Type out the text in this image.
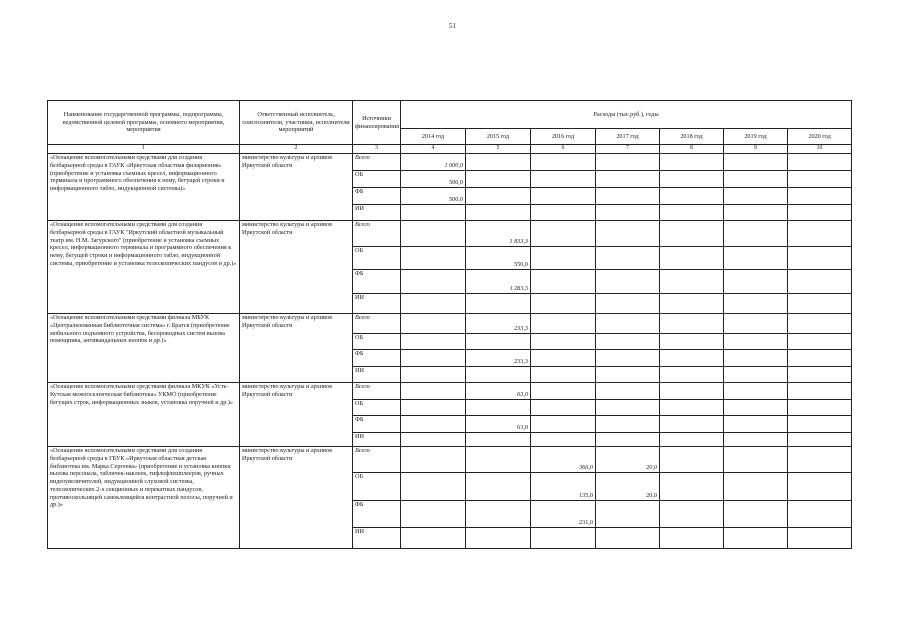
51
Наименование государственной программы, подпрограммы, ведомственной целевой программы, основного мероприятия, мероприятия	Ответственный исполнитель, соисполнители, участники, исполнители мероприятий	Источники финансирования	Расходы (тыс.руб.), годы						
			2014 год	2015 год	2016 год	2017 год	2018 год	2019 год	2020 год
1	2	3	4	5	6	7	8	9	10
«Оснащение вспомогательными средствами для создания безбарьерной среды в ГАУК «Иркутская областная филармония» (приобретение и установка съемных кресел, информационного терминала и программного обеспечения к нему, бегущей строки и информационного табло, индукционной системы)»	министерство культуры и архивов Иркутской области	Всего	1 000,0						
		ОБ	500,0						
		ФБ	500,0						
		ИИ							
«Оснащение вспомогательными средствами для создания безбарьерной среды в ГАУК "Иркутский областной музыкальный театр им. Н.М. Загурского" (приобретение и установка съемных кресел, информационного терминала и программного обеспечения к нему, бегущей строки и информационного табло, индукционной системы, приобретение и установка телескопических пандусов и др.)»	министерство культуры и архивов Иркутской области	Всего		1 833,3					
		ОБ		550,0					
		ФБ		1 283,3					
		ИИ							
«Оснащение вспомогательными средствами филиала МБУК «Централизованная библиотечная система» г. Братск (приобретение мобильного подъемного устройства, беспроводных систем вызова помощника, антивандальных кнопок и др.)»	министерство культуры и архивов Иркутской области	Всего		233,3					
		ОБ							
		ФБ		233,3					
		ИИ							
«Оснащение вспомогательными средствами филиала МКУК «Усть-Кутская межпоселенческая библиотека» УКМО (приобретение бегущих строк, информационных знаков, установка поручней и др.)»	министерство культуры и архивов Иркутской области	Всего		63,0					
		ОБ							
		ФБ		63,0					
		ИИ							
«Оснащение вспомогательными средствами для создания безбарьерной среды в ГБУК «Иркутская областная детская библиотека им. Марка Сергеева» (приобретение и установка кнопки вызова персонала, табличек-наклеек, тифлофлешплееров, ручных видеоувеличителей, индукционной слуховой системы, телескопических 2-х секционных и перекатных пандусов, противоскользящей самоклеящейся контрастной полосы, поручней и др.)»	министерство культуры и архивов Иркутской области	Всего			366,0	20,0			
		ОБ			135,0	20,0			
		ФБ			231,0				
		ИИ							
